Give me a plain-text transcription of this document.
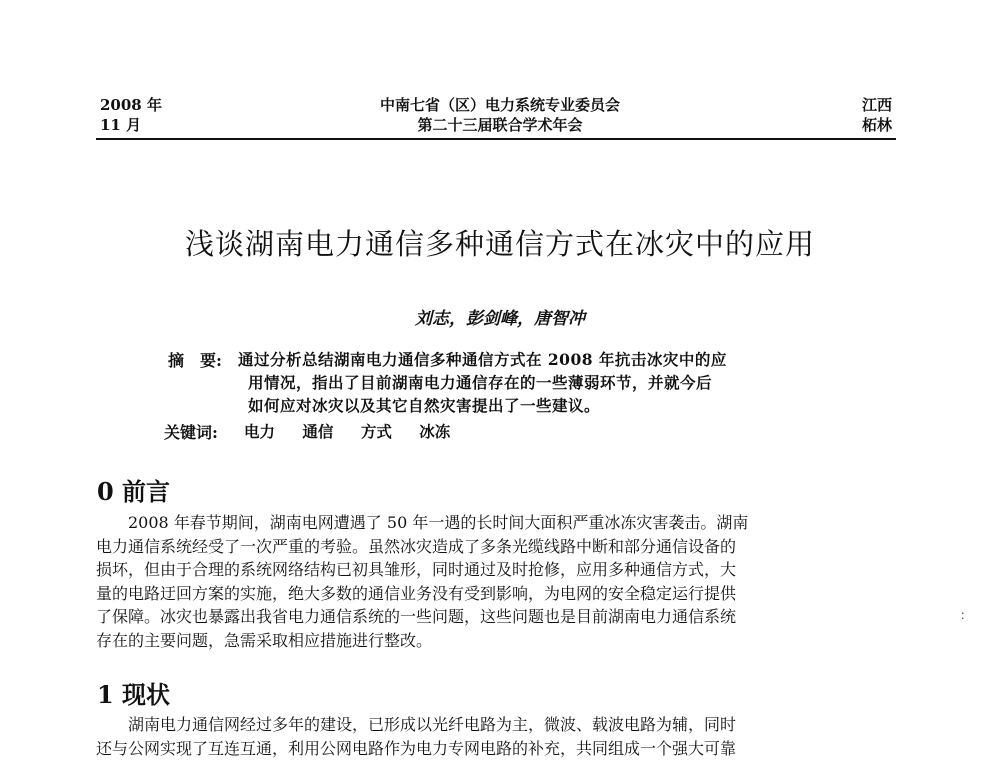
2008 年
11 月
中南七省（区）电力系统专业委员会
第二十三届联合学术年会
江西
柘林
浅谈湖南电力通信多种通信方式在冰灾中的应用
刘志，彭剑峰，唐智冲
摘　要: 通过分析总结湖南电力通信多种通信方式在 2008 年抗击冰灾中的应
用情况，指出了目前湖南电力通信存在的一些薄弱环节，并就今后
如何应对冰灾以及其它自然灾害提出了一些建议。
关键词: 电力 通信 方式 冰冻
0 前言
2008 年春节期间，湖南电网遭遇了 50 年一遇的长时间大面积严重冰冻灾害袭击。湖南
电力通信系统经受了一次严重的考验。虽然冰灾造成了多条光缆线路中断和部分通信设备的
损坏，但由于合理的系统网络结构已初具雏形，同时通过及时抢修，应用多种通信方式，大
量的电路迂回方案的实施，绝大多数的通信业务没有受到影响，为电网的安全稳定运行提供
了保障。冰灾也暴露出我省电力通信系统的一些问题，这些问题也是目前湖南电力通信系统
存在的主要问题，急需采取相应措施进行整改。
1 现状
湖南电力通信网经过多年的建设，已形成以光纤电路为主，微波、载波电路为辅，同时
还与公网实现了互连互通，利用公网电路作为电力专网电路的补充，共同组成一个强大可靠
：
